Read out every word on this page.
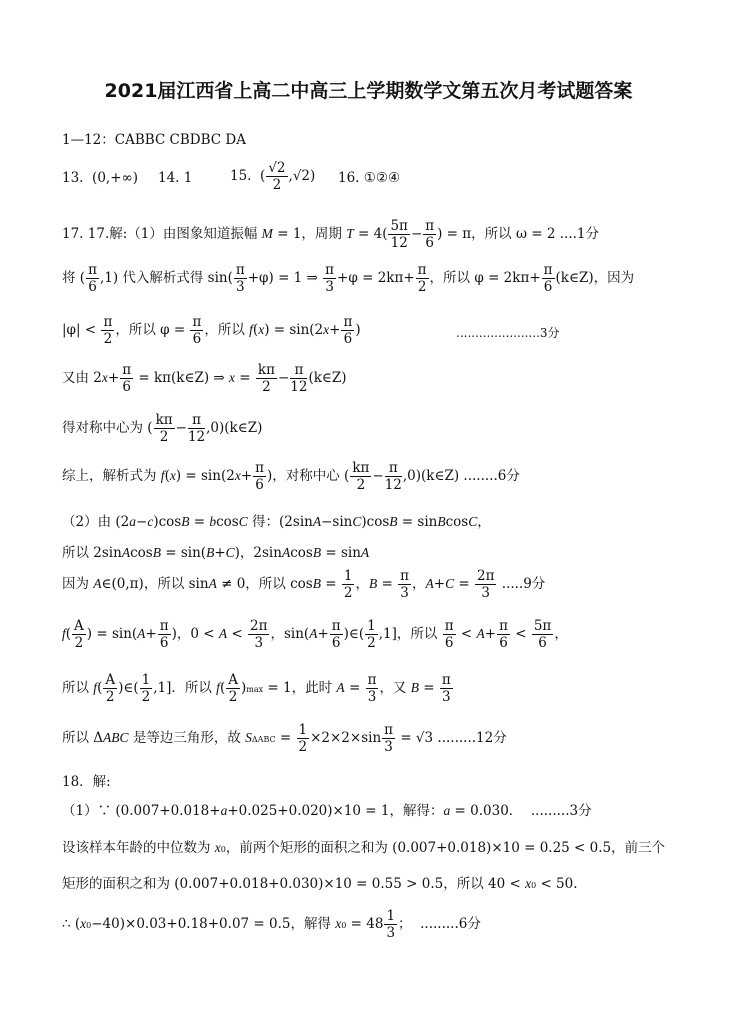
2021届江西省上高二中高三上学期数学文第五次月考试题答案
1—12：CABBC CBDBC DA
13.  (0,+∞) 14. 1	15.  ( $\frac{√2}{2} ,√2$) 16. ①②④
17. 17.解:（1）由图象知道振幅 M = 1，周期 $T = 4( \frac{5\pi}{12} - \frac{\pi}{6}$ ) = π，所以 ω = 2 ....1分
将 ( $\frac{\pi}{6} ,1$) 代入解析式得 $\sin( \frac{\pi}{3} +\varphi) = 1$ ⇒ $\frac{\pi}{3} +\varphi = 2k\pi+ \frac{\pi}{2}$ ，所以 $\varphi = 2k\pi+ \frac{\pi}{6}$ (k∈Z)，因为
$|\varphi| < \frac{\pi}{2}$ ，所以 $\varphi = \frac{\pi}{6}$ ，所以 $f(x) = \sin(2x+ \frac{\pi}{6}$ )	......................3分
又由 $2x+ \frac{\pi}{6}$ = kπ(k∈Z) ⇒ $x = \frac{k\pi}{2} - \frac{\pi}{12}$ (k∈Z)
得对称中心为 ( $\frac{k\pi}{2} - \frac{\pi}{12}$ ,0)(k∈Z)
综上，解析式为 $f(x) = \sin(2x+ \frac{\pi}{6}$ )，对称中心 ( $\frac{k\pi}{2} - \frac{\pi}{12}$ ,0)(k∈Z) ........6分
（2）由 (2a−c)cosB = bcosC 得：(2sinA−sinC)cosB = sinBcosC，
所以 2sinAcosB = sin(B+C)，2sinAcosB = sinA
因为 A∈(0,π)，所以 sinA ≠ 0，所以 $\cos B = \frac{1}{2}$ ，$B = \frac{\pi}{3}$ ，$A+C = \frac{2\pi}{3} .....9$分
$f( \frac{A}{2}$ ) = $\sin(A+ \frac{\pi}{6}$ )，$0 < A < \frac{2\pi}{3}$ ，$\sin(A+ \frac{\pi}{6}$ )∈( $\frac{1}{2} ,1$]，所以 $\frac{\pi}{6} < A+ \frac{\pi}{6} < \frac{5\pi}{6}$ ，
所以 $f( \frac{A}{2}$ )∈( $\frac{1}{2} ,1$]．所以 $f( \frac{A}{2} )\max = 1$，此时 $A = \frac{\pi}{3}$ ，又 $B = \frac{\pi}{3}$
所以 ΔABC 是等边三角形，故 $S\Delta ABC = \frac{1}{2} \times 2\times 2\times\sin \frac{\pi}{3} = √3$ .........12分
18．解:
（1）∵ (0.007+0.018+a+0.025+0.020)×10 = 1，解得：a = 0.030．  .........3分
设该样本年龄的中位数为 x0，前两个矩形的面积之和为 (0.007+0.018)×10 = 0.25 < 0.5，前三个
矩形的面积之和为 (0.007+0.018+0.030)×10 = 0.55 > 0.5，所以 40 < x0 < 50.
∴ (x0−40)×0.03+0.18+0.07 = 0.5，解得 $x0 = 48 \frac{1}{3}$ ；  .........6分
